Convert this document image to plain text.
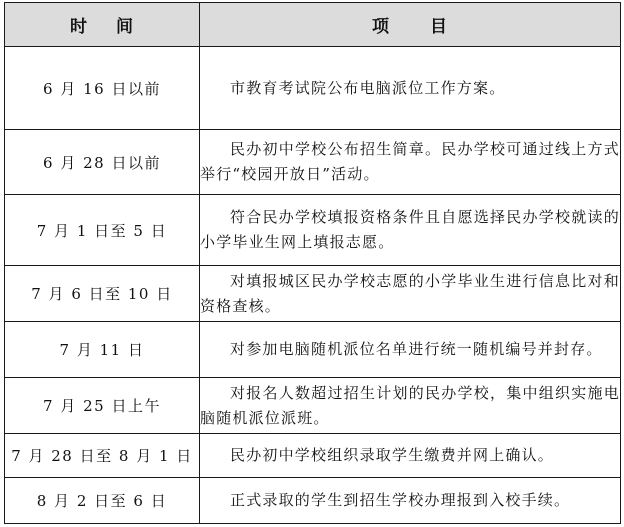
时 间	项 目

6 月 16 日以前	市教育考试院公布电脑派位工作方案。
6 月 28 日以前	民办初中学校公布招生简章。民办学校可通过线上方式举行“校园开放日”活动。
7 月 1 日至 5 日	符合民办学校填报资格条件且自愿选择民办学校就读的小学毕业生网上填报志愿。
7 月 6 日至 10 日	对填报城区民办学校志愿的小学毕业生进行信息比对和资格查核。
7 月 11 日	对参加电脑随机派位名单进行统一随机编号并封存。
7 月 25 日上午	对报名人数超过招生计划的民办学校，集中组织实施电脑随机派位派班。
7 月 28 日至 8 月 1 日	民办初中学校组织录取学生缴费并网上确认。
8 月 2 日至 6 日	正式录取的学生到招生学校办理报到入校手续。
